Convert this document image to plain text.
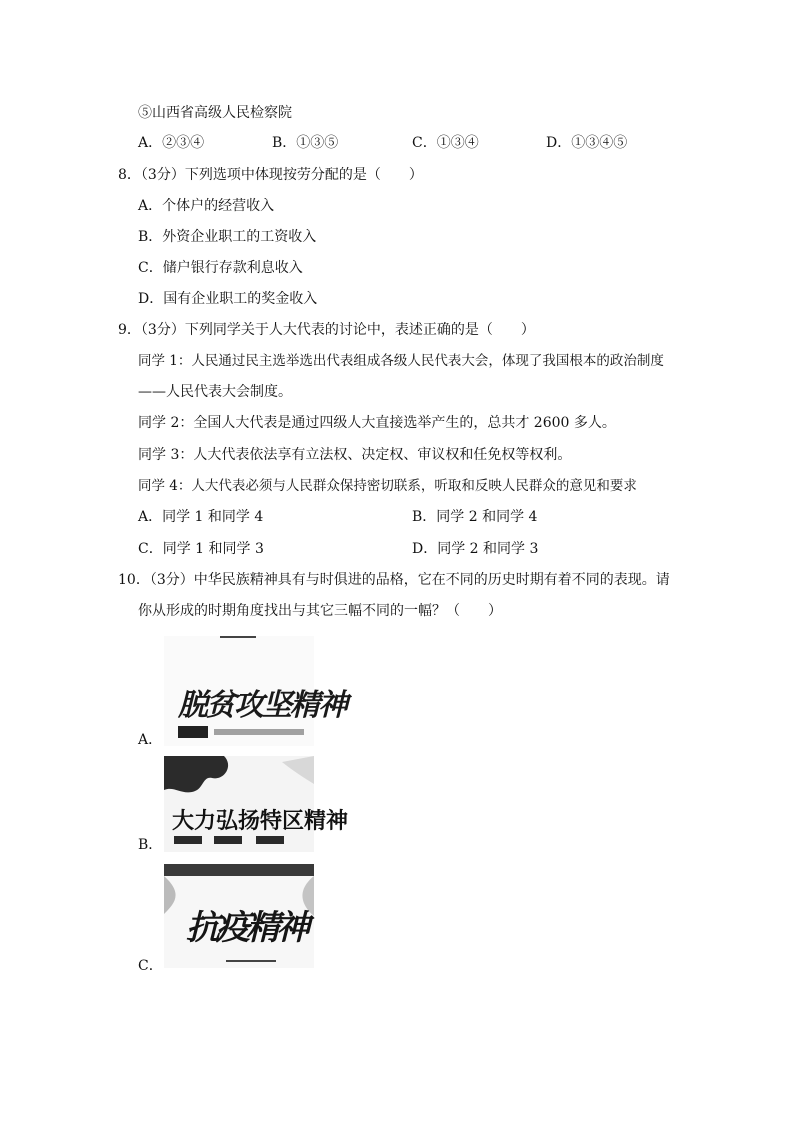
⑤山西省高级人民检察院
A．②③④	B．①③⑤	C．①③④	D．①③④⑤
8．（3分）下列选项中体现按劳分配的是（　　）
A．个体户的经营收入
B．外资企业职工的工资收入
C．储户银行存款利息收入
D．国有企业职工的奖金收入
9．（3分）下列同学关于人大代表的讨论中，表述正确的是（　　）
同学 1：人民通过民主选举选出代表组成各级人民代表大会，体现了我国根本的政治制度
——人民代表大会制度。
同学 2：全国人大代表是通过四级人大直接选举产生的，总共才 2600 多人。
同学 3：人大代表依法享有立法权、决定权、审议权和任免权等权利。
同学 4：人大代表必须与人民群众保持密切联系，听取和反映人民群众的意见和要求
A．同学 1 和同学 4	B．同学 2 和同学 4
C．同学 1 和同学 3	D．同学 2 和同学 3
10．（3分）中华民族精神具有与时俱进的品格，它在不同的历史时期有着不同的表现。请
你从形成的时期角度找出与其它三幅不同的一幅？（　　）
A．
脱贫攻坚精神
B．
大力弘扬特区精神
C．
抗疫精神
